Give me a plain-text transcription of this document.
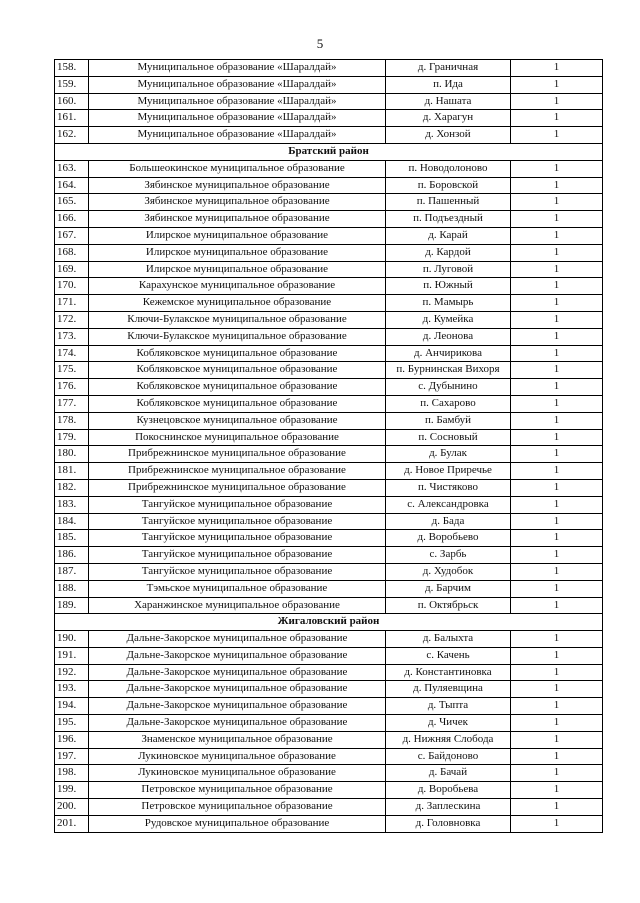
5
158.	Муниципальное образование «Шаралдай»	д. Граничная	1
159.	Муниципальное образование «Шаралдай»	п. Ида	1
160.	Муниципальное образование «Шаралдай»	д. Нашата	1
161.	Муниципальное образование «Шаралдай»	д. Харагун	1
162.	Муниципальное образование «Шаралдай»	д. Хонзой	1
Братский район			
163.	Большеокинское муниципальное образование	п. Новодолоново	1
164.	Зябинское муниципальное образование	п. Боровской	1
165.	Зябинское муниципальное образование	п. Пашенный	1
166.	Зябинское муниципальное образование	п. Подъездный	1
167.	Илирское муниципальное образование	д. Карай	1
168.	Илирское муниципальное образование	д. Кардой	1
169.	Илирское муниципальное образование	п. Луговой	1
170.	Карахунское муниципальное образование	п. Южный	1
171.	Кежемское муниципальное образование	п. Мамырь	1
172.	Ключи-Булакское муниципальное образование	д. Кумейка	1
173.	Ключи-Булакское муниципальное образование	д. Леонова	1
174.	Кобляковское муниципальное образование	д. Анчирикова	1
175.	Кобляковское муниципальное образование	п. Бурнинская Вихоря	1
176.	Кобляковское муниципальное образование	с. Дубынино	1
177.	Кобляковское муниципальное образование	п. Сахарово	1
178.	Кузнецовское муниципальное образование	п. Бамбуй	1
179.	Покоснинское муниципальное образование	п. Сосновый	1
180.	Прибрежнинское муниципальное образование	д. Булак	1
181.	Прибрежнинское муниципальное образование	д. Новое Приречье	1
182.	Прибрежнинское муниципальное образование	п. Чистяково	1
183.	Тангуйское муниципальное образование	с. Александровка	1
184.	Тангуйское муниципальное образование	д. Бада	1
185.	Тангуйское муниципальное образование	д. Воробьево	1
186.	Тангуйское муниципальное образование	с. Зарбь	1
187.	Тангуйское муниципальное образование	д. Худобок	1
188.	Тэмьское муниципальное образование	д. Барчим	1
189.	Харанжинское муниципальное образование	п. Октябрьск	1
Жигаловский район			
190.	Дальне-Закорское муниципальное образование	д. Балыхта	1
191.	Дальне-Закорское муниципальное образование	с. Качень	1
192.	Дальне-Закорское муниципальное образование	д. Константиновка	1
193.	Дальне-Закорское муниципальное образование	д. Пуляевщина	1
194.	Дальне-Закорское муниципальное образование	д. Тыпта	1
195.	Дальне-Закорское муниципальное образование	д. Чичек	1
196.	Знаменское муниципальное образование	д. Нижняя Слобода	1
197.	Лукиновское муниципальное образование	с. Байдоново	1
198.	Лукиновское муниципальное образование	д. Бачай	1
199.	Петровское муниципальное образование	д. Воробьева	1
200.	Петровское муниципальное образование	д. Заплескина	1
201.	Рудовское муниципальное образование	д. Головновка	1
